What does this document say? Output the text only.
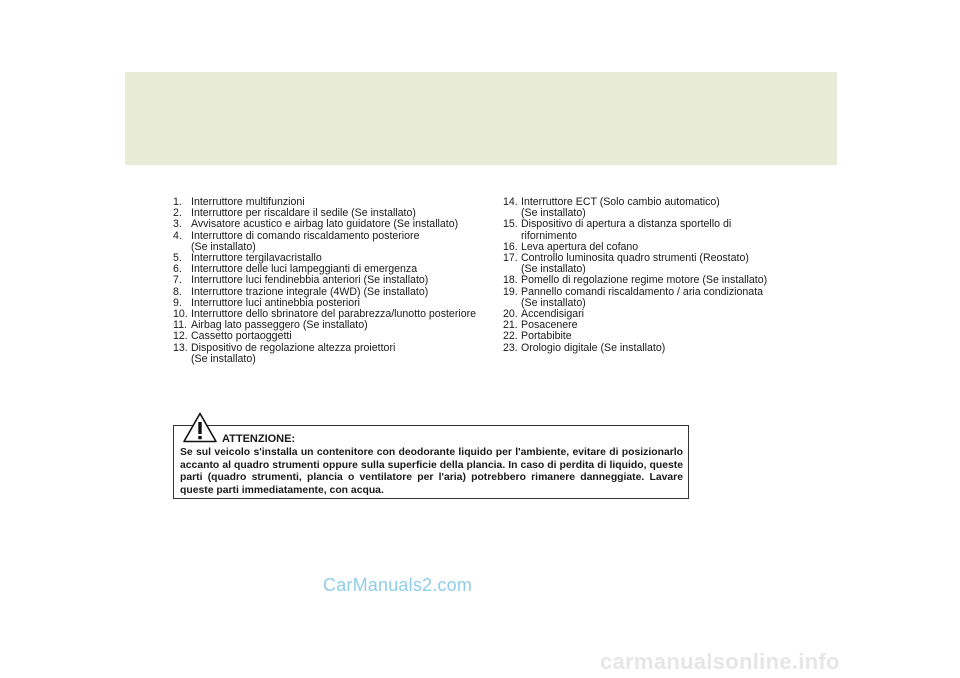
1. Interruttore multifunzioni
2. Interruttore per riscaldare il sedile (Se installato)
3. Avvisatore acustico e airbag lato guidatore (Se installato)
4. Interruttore di comando riscaldamento posteriore
(Se installato)
5. Interruttore tergilavacristallo
6. Interruttore delle luci lampeggianti di emergenza
7. Interruttore luci fendinebbia anteriori (Se installato)
8. Interruttore trazione integrale (4WD) (Se installato)
9. Interruttore luci antinebbia posteriori
10. Interruttore dello sbrinatore del parabrezza/lunotto posteriore
11. Airbag lato passeggero (Se installato)
12. Cassetto portaoggetti
13. Dispositivo de regolazione altezza proiettori
(Se installato)
14. Interruttore ECT (Solo cambio automatico)
(Se installato)
15. Dispositivo di apertura a distanza sportello di
rifornimento
16. Leva apertura del cofano
17. Controllo luminosita quadro strumenti (Reostato)
(Se installato)
18. Pomello di regolazione regime motore (Se installato)
19. Pannello comandi riscaldamento / aria condizionata
(Se installato)
20. Accendisigari
21. Posacenere
22. Portabibite
23. Orologio digitale (Se installato)
ATTENZIONE:
Se sul veicolo s'installa un contenitore con deodorante liquido per l'ambiente, evitare di posizionarlo accanto al quadro strumenti oppure sulla superficie della plancia. In caso di perdita di liquido, queste parti (quadro strumenti, plancia o ventilatore per l'aria) potrebbero rimanere danneggiate. Lavare queste parti immediatamente, con acqua.
CarManuals2.com
carmanualsonline.info
